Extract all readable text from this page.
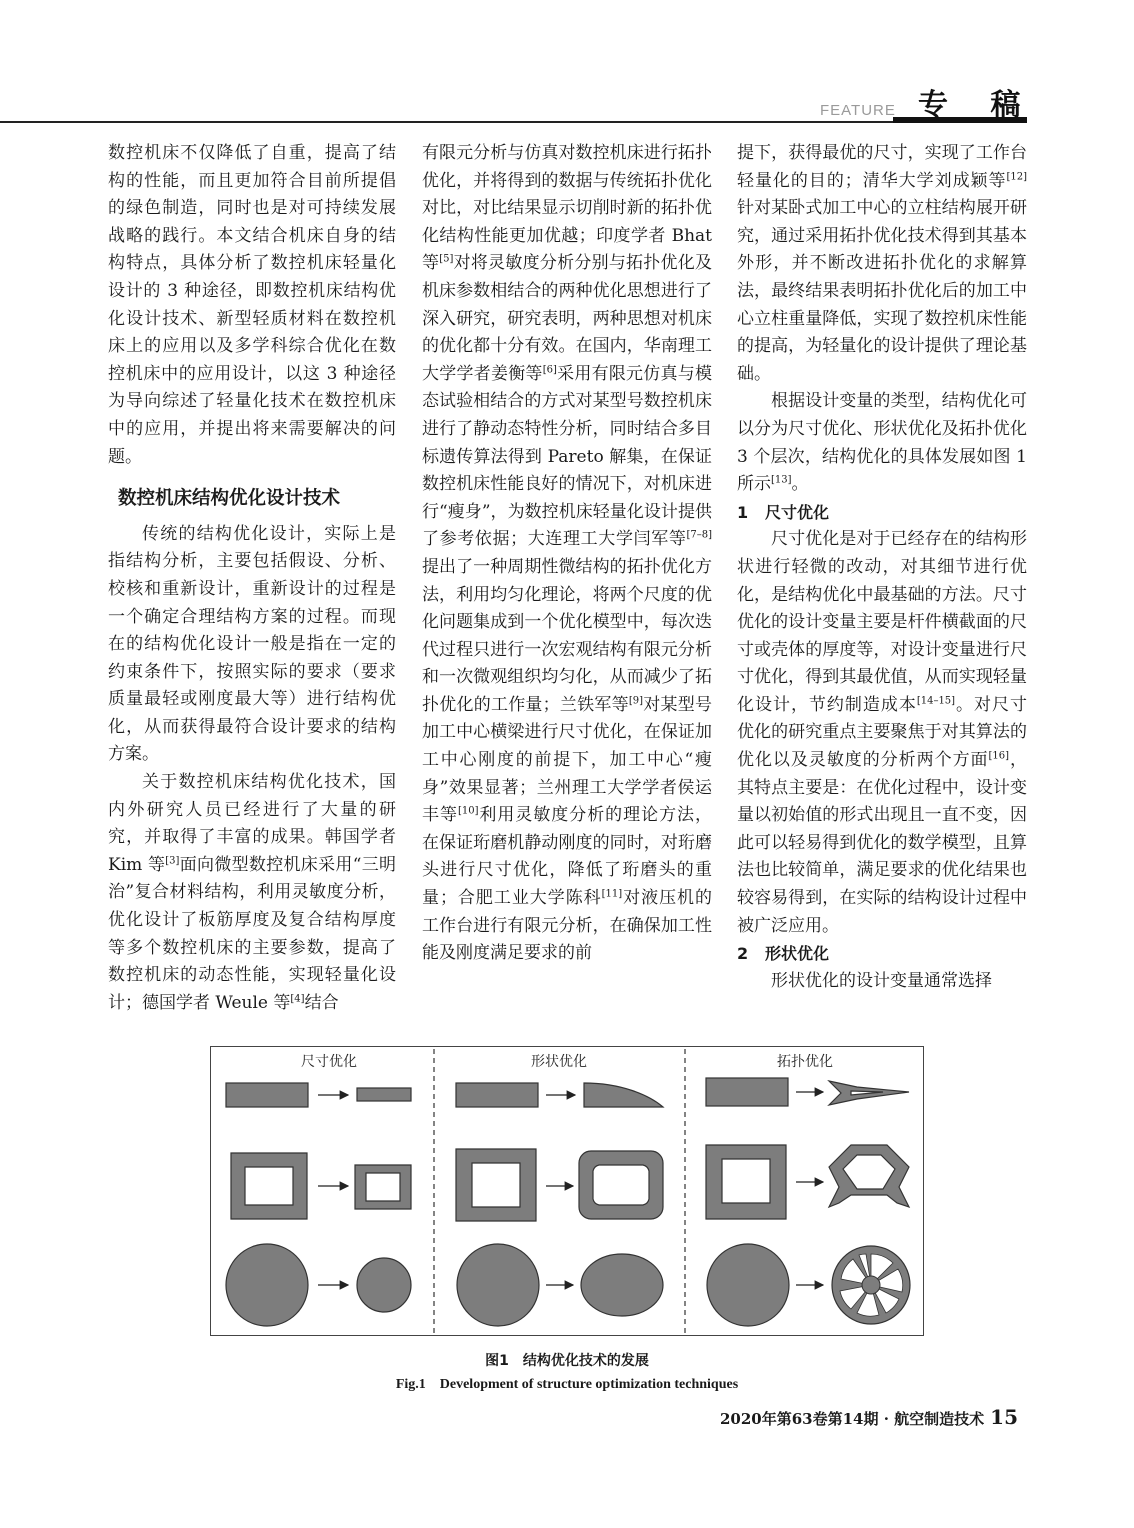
FEATURE 专 稿

数控机床不仅降低了自重，提高了结构的性能，而且更加符合目前所提倡的绿色制造，同时也是对可持续发展战略的践行。本文结合机床自身的结构特点，具体分析了数控机床轻量化设计的 3 种途径，即数控机床结构优化设计技术、新型轻质材料在数控机床上的应用以及多学科综合优化在数控机床中的应用设计，以这 3 种途径为导向综述了轻量化技术在数控机床中的应用，并提出将来需要解决的问题。

数控机床结构优化设计技术

传统的结构优化设计，实际上是指结构分析，主要包括假设、分析、校核和重新设计，重新设计的过程是一个确定合理结构方案的过程。而现在的结构优化设计一般是指在一定的约束条件下，按照实际的要求（要求质量最轻或刚度最大等）进行结构优化，从而获得最符合设计要求的结构方案。

关于数控机床结构优化技术，国内外研究人员已经进行了大量的研究，并取得了丰富的成果。韩国学者 Kim 等[3]面向微型数控机床采用“三明治”复合材料结构，利用灵敏度分析，优化设计了板筋厚度及复合结构厚度等多个数控机床的主要参数，提高了数控机床的动态性能，实现轻量化设计；德国学者 Weule 等[4]结合

有限元分析与仿真对数控机床进行拓扑优化，并将得到的数据与传统拓扑优化对比，对比结果显示切削时新的拓扑优化结构性能更加优越；印度学者 Bhat 等[5]对将灵敏度分析分别与拓扑优化及机床参数相结合的两种优化思想进行了深入研究，研究表明，两种思想对机床的优化都十分有效。在国内，华南理工大学学者姜衡等[6]采用有限元仿真与模态试验相结合的方式对某型号数控机床进行了静动态特性分析，同时结合多目标遗传算法得到 Pareto 解集，在保证数控机床性能良好的情况下，对机床进行“瘦身”，为数控机床轻量化设计提供了参考依据；大连理工大学闫军等[7–8]提出了一种周期性微结构的拓扑优化方法，利用均匀化理论，将两个尺度的优化问题集成到一个优化模型中，每次迭代过程只进行一次宏观结构有限元分析和一次微观组织均匀化，从而减少了拓扑优化的工作量；兰铁军等[9]对某型号加工中心横梁进行尺寸优化，在保证加工中心刚度的前提下，加工中心“瘦身”效果显著；兰州理工大学学者侯运丰等[10]利用灵敏度分析的理论方法，在保证珩磨机静动刚度的同时，对珩磨头进行尺寸优化，降低了珩磨头的重量；合肥工业大学陈科[11]对液压机的工作台进行有限元分析，在确保加工性能及刚度满足要求的前

提下，获得最优的尺寸，实现了工作台轻量化的目的；清华大学刘成颖等[12]针对某卧式加工中心的立柱结构展开研究，通过采用拓扑优化技术得到其基本外形，并不断改进拓扑优化的求解算法，最终结果表明拓扑优化后的加工中心立柱重量降低，实现了数控机床性能的提高，为轻量化的设计提供了理论基础。

根据设计变量的类型，结构优化可以分为尺寸优化、形状优化及拓扑优化 3 个层次，结构优化的具体发展如图 1 所示[13]。

1 尺寸优化

尺寸优化是对于已经存在的结构形状进行轻微的改动，对其细节进行优化，是结构优化中最基础的方法。尺寸优化的设计变量主要是杆件横截面的尺寸或壳体的厚度等，对设计变量进行尺寸优化，得到其最优值，从而实现轻量化设计，节约制造成本[14–15]。对尺寸优化的研究重点主要聚焦于对其算法的优化以及灵敏度的分析两个方面[16]，其特点主要是：在优化过程中，设计变量以初始值的形式出现且一直不变，因此可以轻易得到优化的数学模型，且算法也比较简单，满足要求的优化结果也较容易得到，在实际的结构设计过程中被广泛应用。

2 形状优化

形状优化的设计变量通常选择

尺寸优化	形状优化	拓扑优化
图1　结构优化技术的发展
Fig.1　Development of structure optimization techniques
2020年第63卷第14期 · 航空制造技术 15
